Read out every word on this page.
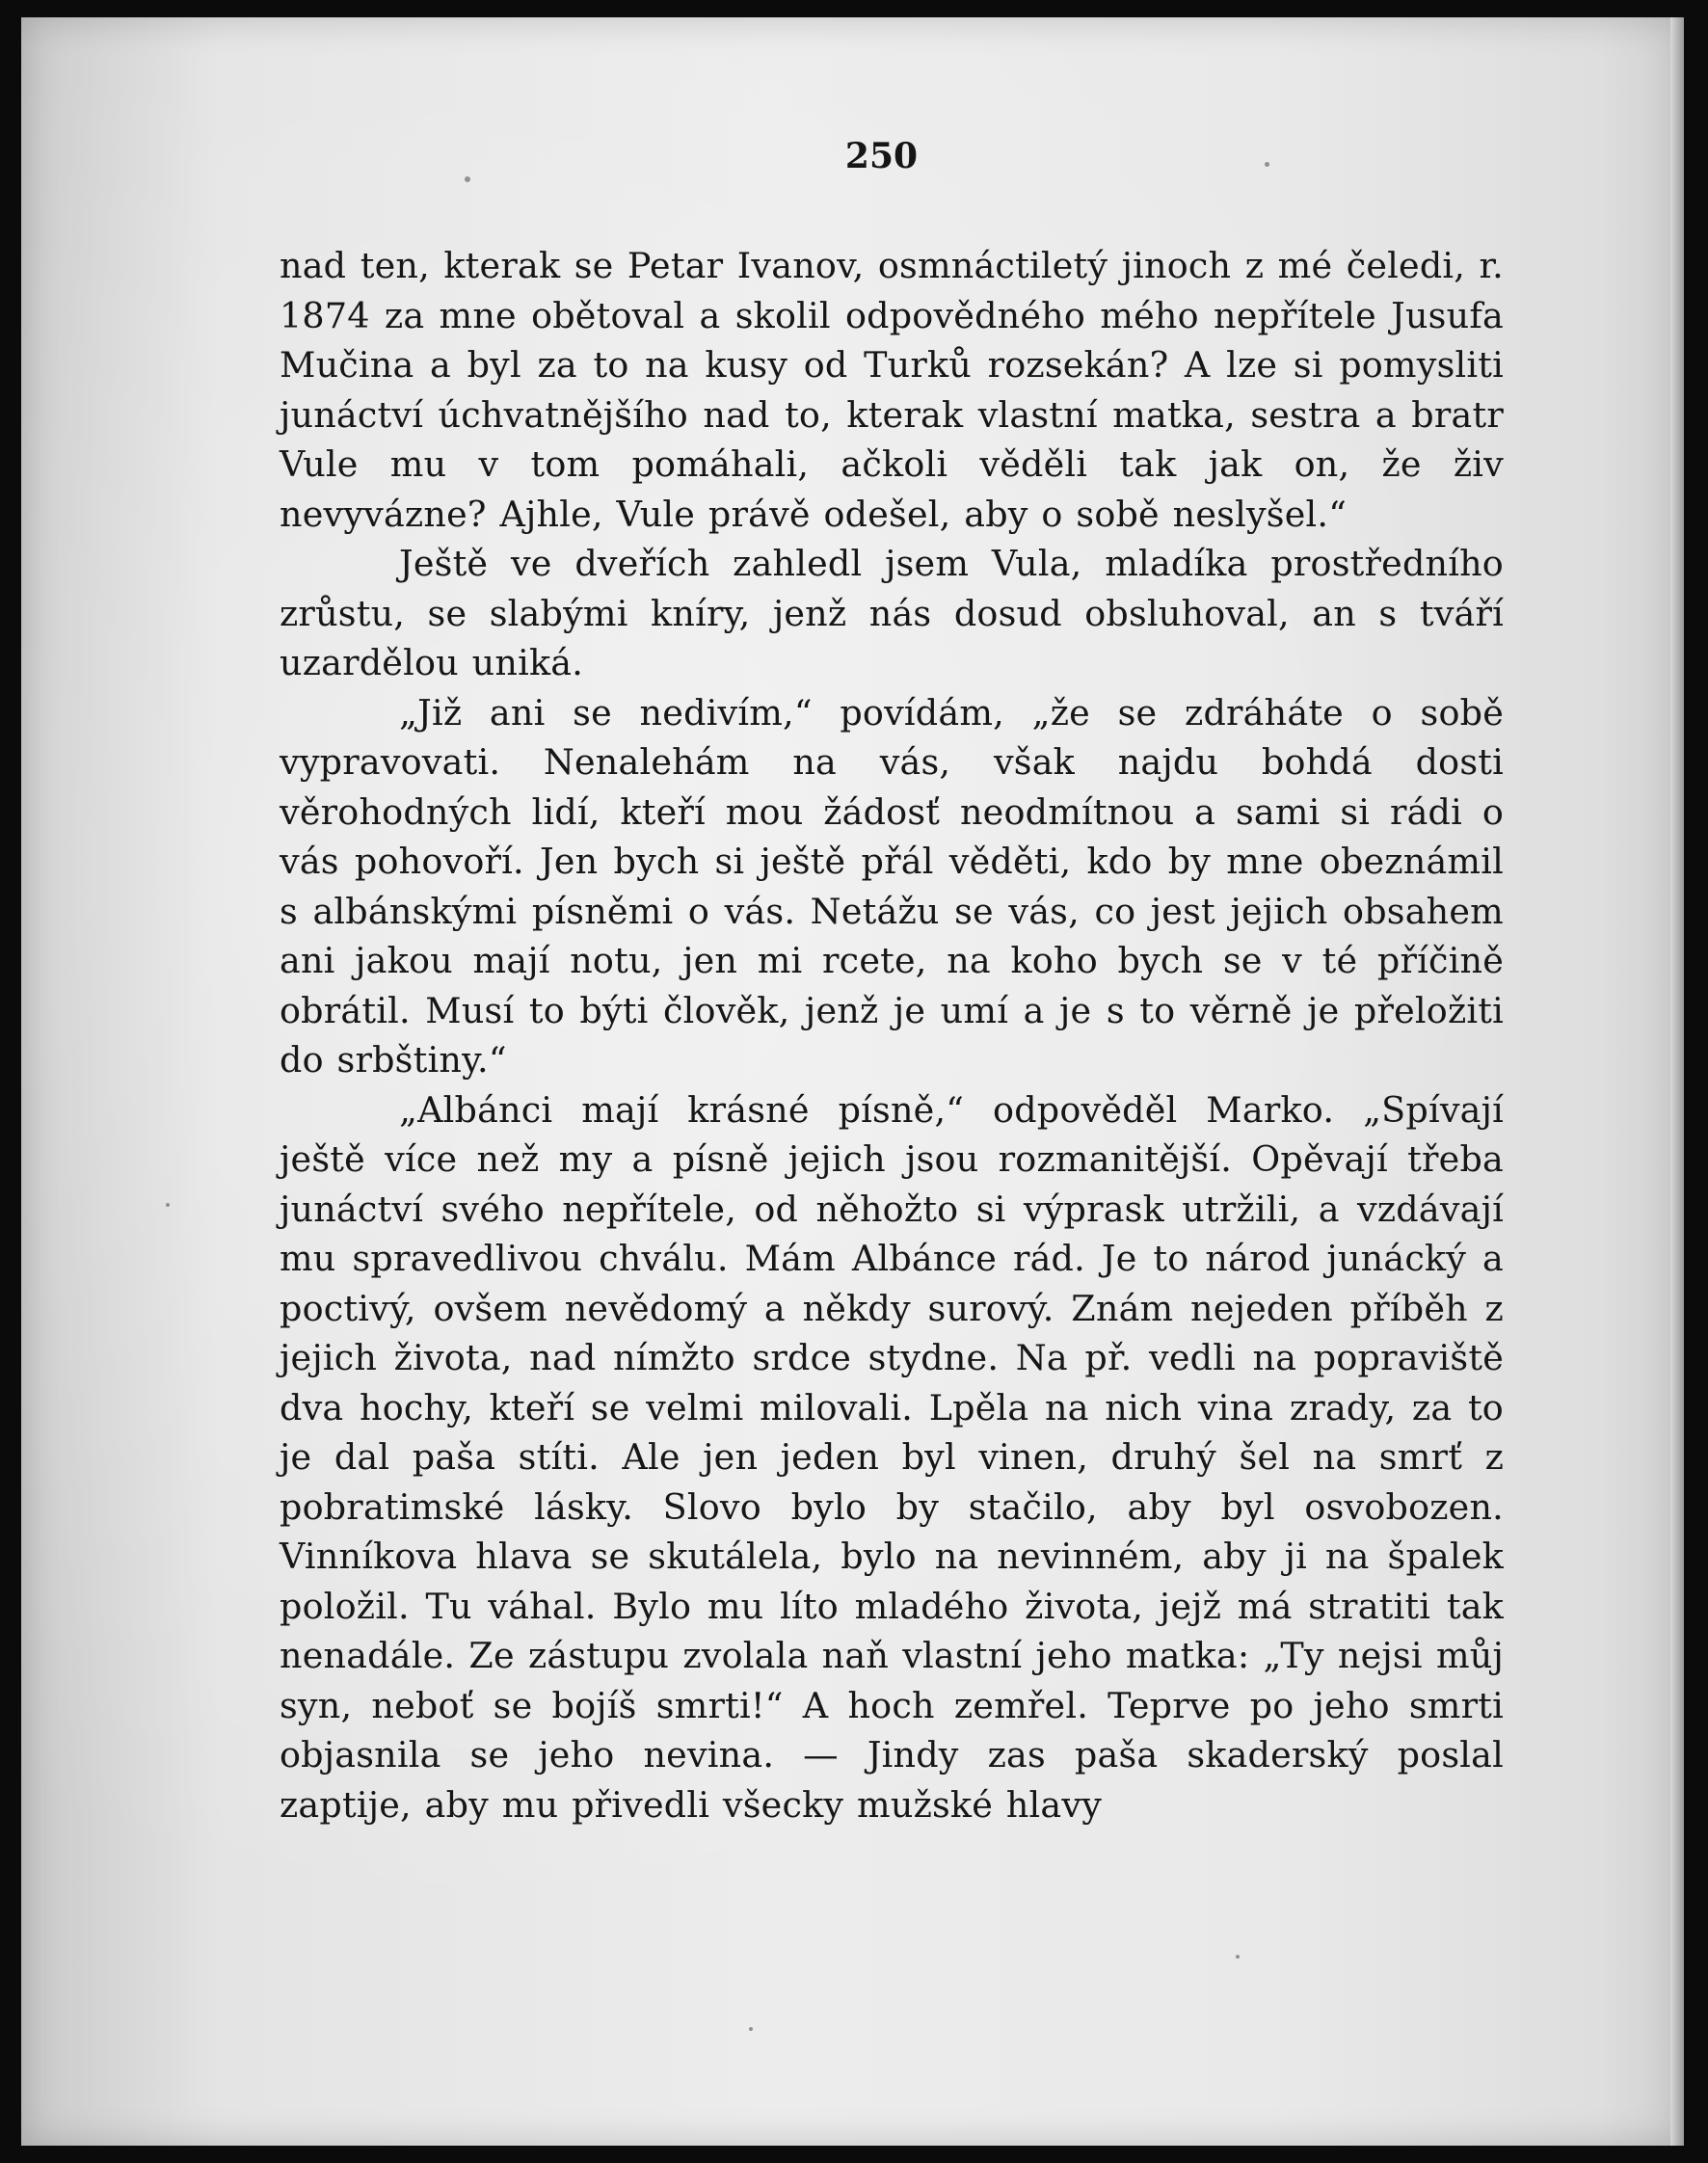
250

nad ten, kterak se Petar Ivanov, osmnáctiletý jinoch z mé čeledi, r. 1874 za mne obětoval a skolil odpovědného mého nepřítele Jusufa Mučina a byl za to na kusy od Turků rozsekán? A lze si pomysliti junáctví úchvatnějšího nad to, kterak vlastní matka, sestra a bratr Vule mu v tom pomáhali, ačkoli věděli tak jak on, že živ nevyvázne? Ajhle, Vule právě odešel, aby o sobě neslyšel.“

Ještě ve dveřích zahledl jsem Vula, mladíka prostředního zrůstu, se slabými kníry, jenž nás dosud obsluhoval, an s tváří uzardělou uniká.

„Již ani se nedivím,“ povídám, „že se zdráháte o sobě vypravovati. Nenalehám na vás, však najdu bohdá dosti věrohodných lidí, kteří mou žádosť neodmítnou a sami si rádi o vás pohovoří. Jen bych si ještě přál věděti, kdo by mne obeznámil s albánskými písněmi o vás. Netážu se vás, co jest jejich obsahem ani jakou mají notu, jen mi rcete, na koho bych se v té příčině obrátil. Musí to býti člověk, jenž je umí a je s to věrně je přeložiti do srbštiny.“

„Albánci mají krásné písně,“ odpověděl Marko. „Spívají ještě více než my a písně jejich jsou rozmanitější. Opěvají třeba junáctví svého nepřítele, od něhožto si výprask utržili, a vzdávají mu spravedlivou chválu. Mám Albánce rád. Je to národ junácký a poctivý, ovšem nevědomý a někdy surový. Znám nejeden příběh z jejich života, nad nímžto srdce stydne. Na př. vedli na popraviště dva hochy, kteří se velmi milovali. Lpěla na nich vina zrady, za to je dal paša stíti. Ale jen jeden byl vinen, druhý šel na smrť z pobratimské lásky. Slovo bylo by stačilo, aby byl osvobozen. Vinníkova hlava se skutálela, bylo na nevinném, aby ji na špalek položil. Tu váhal. Bylo mu líto mladého života, jejž má stratiti tak nenadále. Ze zástupu zvolala naň vlastní jeho matka: „Ty nejsi můj syn, neboť se bojíš smrti!“ A hoch zemřel. Teprve po jeho smrti objasnila se jeho nevina. — Jindy zas paša skaderský poslal zaptije, aby mu přivedli všecky mužské hlavy
